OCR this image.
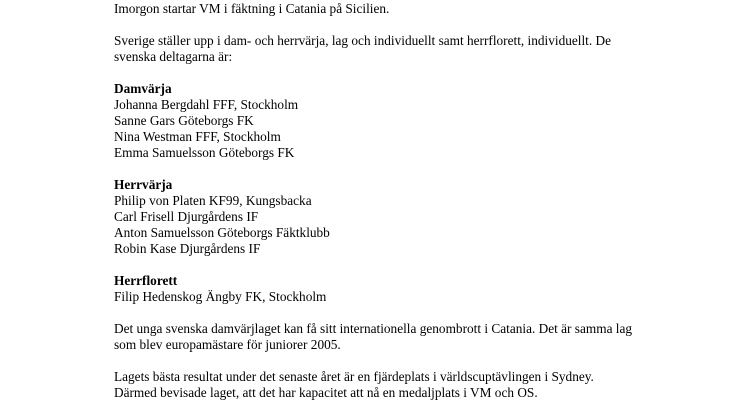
Imorgon startar VM i fäktning i Catania på Sicilien.

Sverige ställer upp i dam- och herrvärja, lag och individuellt samt herrflorett, individuellt. De svenska deltagarna är:

Damvärja
Johanna Bergdahl FFF, Stockholm
Sanne Gars Göteborgs FK
Nina Westman FFF, Stockholm
Emma Samuelsson Göteborgs FK
Herrvärja
Philip von Platen KF99, Kungsbacka
Carl Frisell Djurgårdens IF
Anton Samuelsson Göteborgs Fäktklubb
Robin Kase Djurgårdens IF
Herrflorett
Filip Hedenskog Ängby FK, Stockholm

Det unga svenska damvärjlaget kan få sitt internationella genombrott i Catania. Det är samma lag som blev europamästare för juniorer 2005.

Lagets bästa resultat under det senaste året är en fjärdeplats i världscuptävlingen i Sydney. Därmed bevisade laget, att det har kapacitet att nå en medaljplats i VM och OS.
